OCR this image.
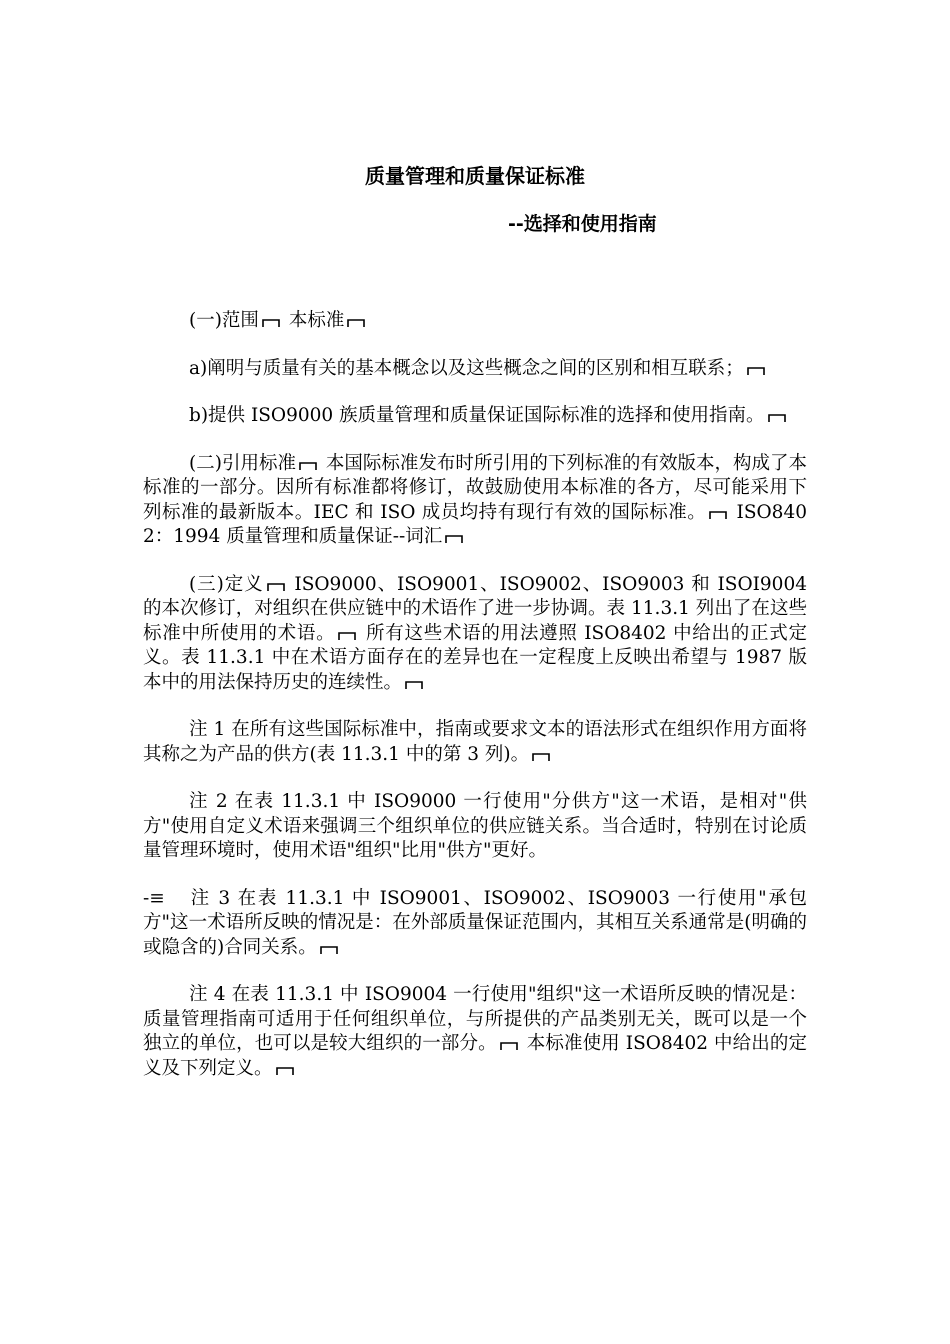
质量管理和质量保证标准
--选择和使用指南

(一)范围 本标准

a)阐明与质量有关的基本概念以及这些概念之间的区别和相互联系；

b)提供 ISO9000 族质量管理和质量保证国际标准的选择和使用指南。

(二)引用标准 本国际标准发布时所引用的下列标准的有效版本，构成了本标准的一部分。因所有标准都将修订，故鼓励使用本标准的各方，尽可能采用下列标准的最新版本。IEC 和 ISO 成员均持有现行有效的国际标准。 ISO8402：1994 质量管理和质量保证--词汇

(三)定义 ISO9000、ISO9001、ISO9002、ISO9003 和 ISOI9004 的本次修订，对组织在供应链中的术语作了进一步协调。表 11.3.1 列出了在这些标准中所使用的术语。 所有这些术语的用法遵照 ISO8402 中给出的正式定义。表 11.3.1 中在术语方面存在的差异也在一定程度上反映出希望与 1987 版本中的用法保持历史的连续性。

注 1 在所有这些国际标准中，指南或要求文本的语法形式在组织作用方面将其称之为产品的供方(表 11.3.1 中的第 3 列)。

注 2 在表 11.3.1 中 ISO9000 一行使用"分供方"这一术语，是相对"供方"使用自定义术语来强调三个组织单位的供应链关系。当合适时，特别在讨论质量管理环境时，使用术语"组织"比用"供方"更好。

-≡ 注 3 在表 11.3.1 中 ISO9001、ISO9002、ISO9003 一行使用"承包方"这一术语所反映的情况是：在外部质量保证范围内，其相互关系通常是(明确的或隐含的)合同关系。

注 4 在表 11.3.1 中 ISO9004 一行使用"组织"这一术语所反映的情况是：质量管理指南可适用于任何组织单位，与所提供的产品类别无关，既可以是一个独立的单位，也可以是较大组织的一部分。 本标准使用 ISO8402 中给出的定义及下列定义。
